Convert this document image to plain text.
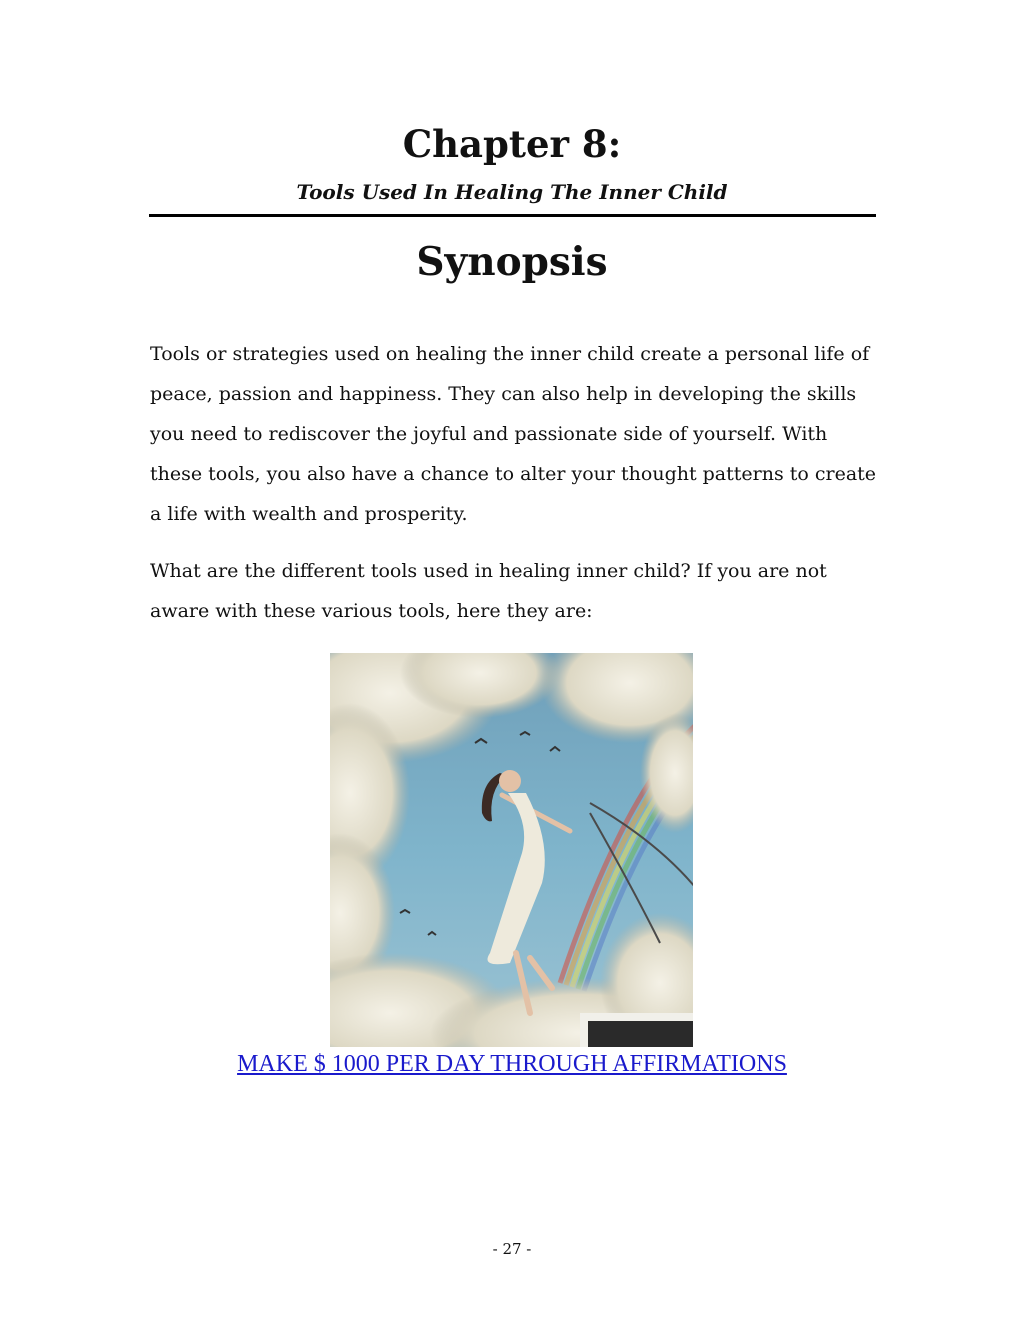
Chapter 8:
Tools Used In Healing The Inner Child
Synopsis

Tools or strategies used on healing the inner child create a personal life of peace, passion and happiness. They can also help in developing the skills you need to rediscover the joyful and passionate side of yourself. With these tools, you also have a chance to alter your thought patterns to create a life with wealth and prosperity.

What are the different tools used in healing inner child? If you are not aware with these various tools, here they are:

MAKE $ 1000 PER DAY THROUGH AFFIRMATIONS
- 27 -
